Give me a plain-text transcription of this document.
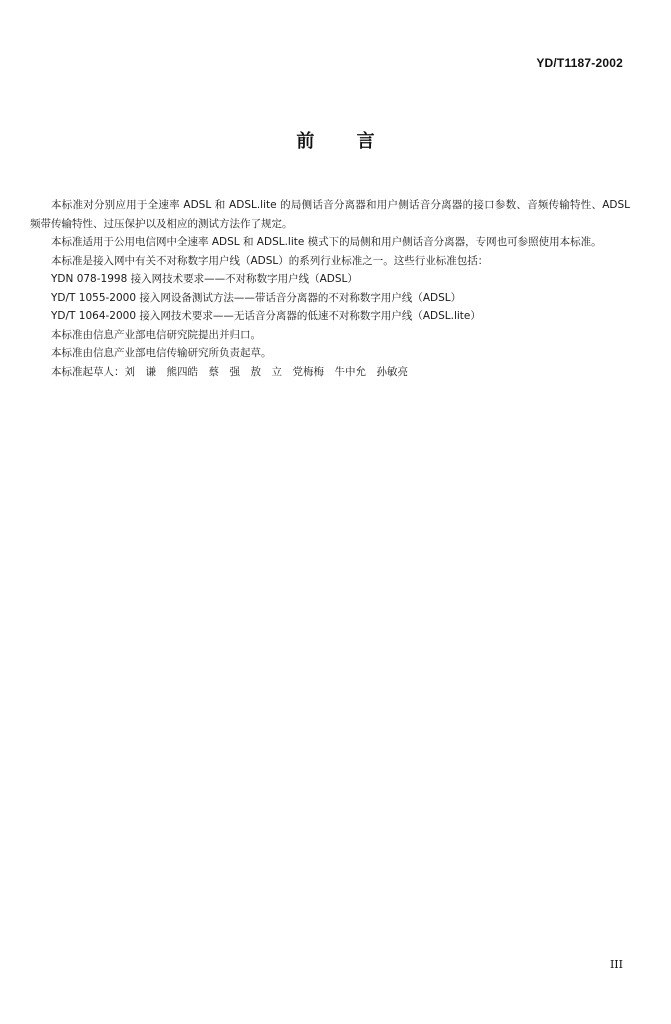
YD/T1187-2002
前 言

本标准对分别应用于全速率 ADSL 和 ADSL.lite 的局侧话音分离器和用户侧话音分离器的接口参数、音频传输特性、ADSL 频带传输特性、过压保护以及相应的测试方法作了规定。

本标准适用于公用电信网中全速率 ADSL 和 ADSL.lite 模式下的局侧和用户侧话音分离器，专网也可参照使用本标准。

本标准是接入网中有关不对称数字用户线（ADSL）的系列行业标准之一。这些行业标准包括：

YDN 078-1998 接入网技术要求——不对称数字用户线（ADSL）

YD/T 1055-2000 接入网设备测试方法——带话音分离器的不对称数字用户线（ADSL）

YD/T 1064-2000 接入网技术要求——无话音分离器的低速不对称数字用户线（ADSL.lite）

本标准由信息产业部电信研究院提出并归口。

本标准由信息产业部电信传输研究所负责起草。

本标准起草人：刘　谦　熊四皓　蔡　强　敖　立　党梅梅　牛中允　孙敏亮

III
